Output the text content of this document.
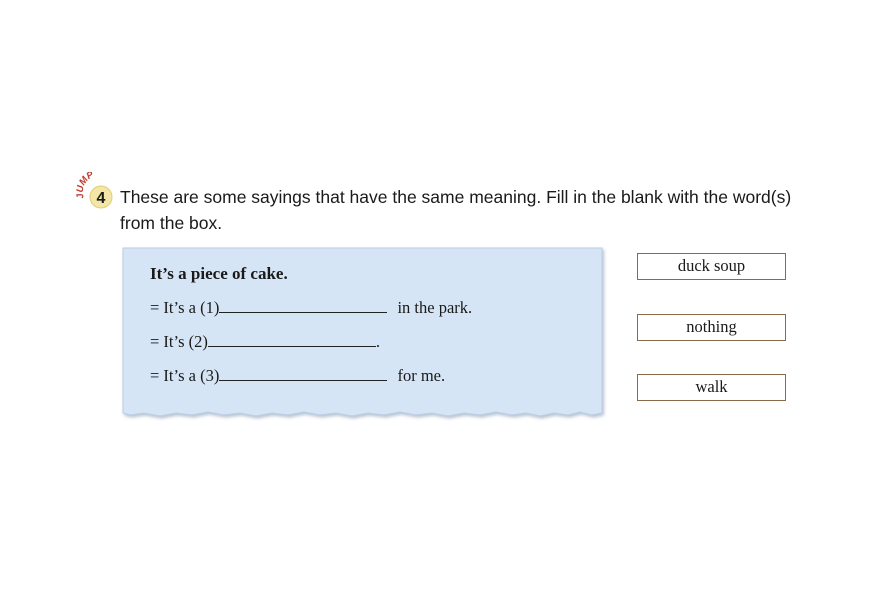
JUMP
4 These are some sayings that have the same meaning. Fill in the blank with the word(s) from the box.
It’s a piece of cake.
= It’s a (1)	in the park.
= It’s (2)	.
= It’s a (3)	for me.
duck soup
nothing
walk
